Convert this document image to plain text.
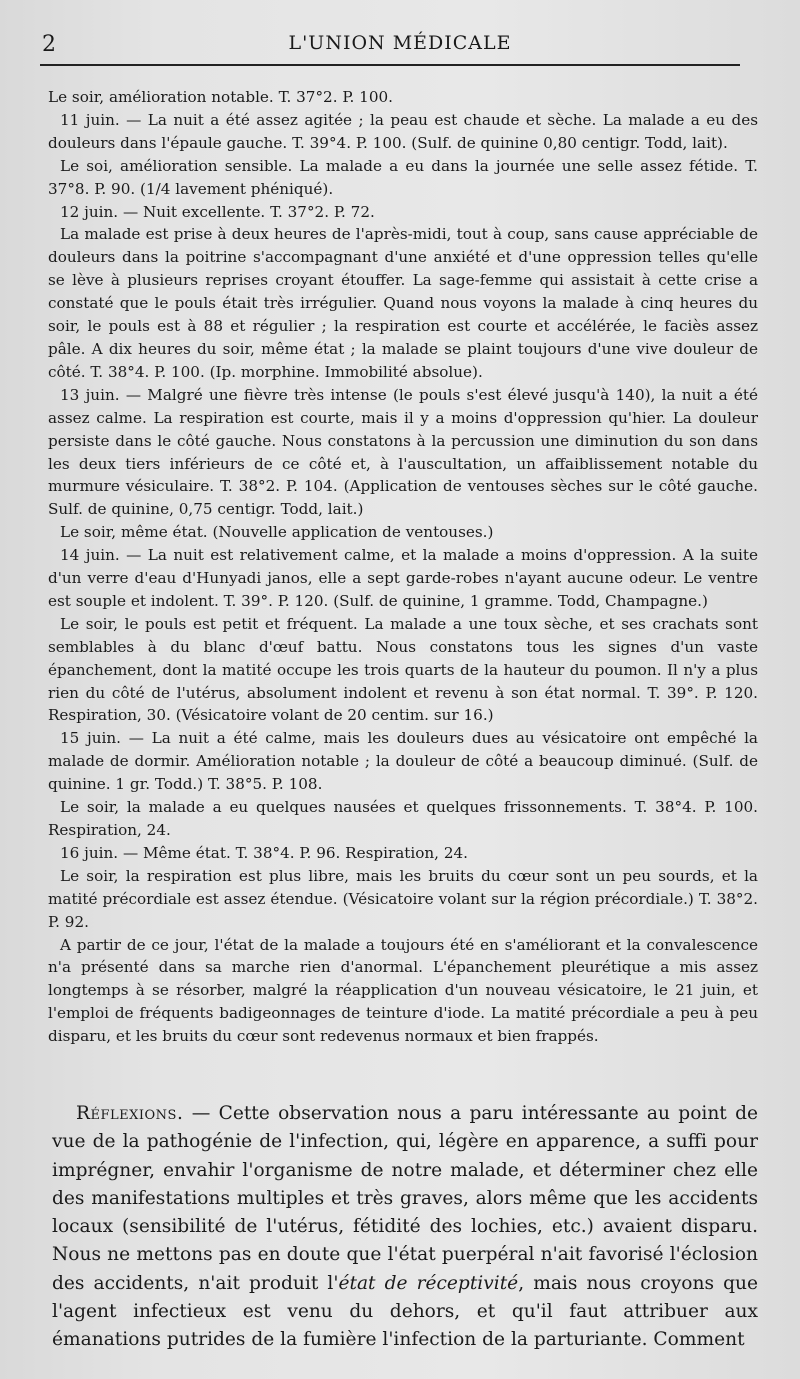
2	L'UNION MÉDICALE

Le soir, amélioration notable. T. 37°2. P. 100.

11 juin. — La nuit a été assez agitée ; la peau est chaude et sèche. La malade a eu des douleurs dans l'épaule gauche. T. 39°4. P. 100. (Sulf. de quinine 0,80 centigr. Todd, lait).

Le soi, amélioration sensible. La malade a eu dans la journée une selle assez fétide. T. 37°8. P. 90. (1/4 lavement phéniqué).

12 juin. — Nuit excellente. T. 37°2. P. 72.

La malade est prise à deux heures de l'après-midi, tout à coup, sans cause appréciable de douleurs dans la poitrine s'accompagnant d'une anxiété et d'une oppression telles qu'elle se lève à plusieurs reprises croyant étouffer. La sage-femme qui assistait à cette crise a constaté que le pouls était très irrégulier. Quand nous voyons la malade à cinq heures du soir, le pouls est à 88 et régulier ; la respiration est courte et accélérée, le faciès assez pâle. A dix heures du soir, même état ; la malade se plaint toujours d'une vive douleur de côté. T. 38°4. P. 100. (Ip. morphine. Immobilité absolue).

13 juin. — Malgré une fièvre très intense (le pouls s'est élevé jusqu'à 140), la nuit a été assez calme. La respiration est courte, mais il y a moins d'oppression qu'hier. La douleur persiste dans le côté gauche. Nous constatons à la percussion une diminution du son dans les deux tiers inférieurs de ce côté et, à l'auscultation, un affaiblissement notable du murmure vésiculaire. T. 38°2. P. 104. (Application de ventouses sèches sur le côté gauche. Sulf. de quinine, 0,75 centigr. Todd, lait.)

Le soir, même état. (Nouvelle application de ventouses.)

14 juin. — La nuit est relativement calme, et la malade a moins d'oppression. A la suite d'un verre d'eau d'Hunyadi janos, elle a sept garde-robes n'ayant aucune odeur. Le ventre est souple et indolent. T. 39°. P. 120. (Sulf. de quinine, 1 gramme. Todd, Champagne.)

Le soir, le pouls est petit et fréquent. La malade a une toux sèche, et ses crachats sont semblables à du blanc d'œuf battu. Nous constatons tous les signes d'un vaste épanchement, dont la matité occupe les trois quarts de la hauteur du poumon. Il n'y a plus rien du côté de l'utérus, absolument indolent et revenu à son état normal. T. 39°. P. 120. Respiration, 30. (Vésicatoire volant de 20 centim. sur 16.)

15 juin. — La nuit a été calme, mais les douleurs dues au vésicatoire ont empêché la malade de dormir. Amélioration notable ; la douleur de côté a beaucoup diminué. (Sulf. de quinine. 1 gr. Todd.) T. 38°5. P. 108.

Le soir, la malade a eu quelques nausées et quelques frissonnements. T. 38°4. P. 100. Respiration, 24.

16 juin. — Même état. T. 38°4. P. 96. Respiration, 24.

Le soir, la respiration est plus libre, mais les bruits du cœur sont un peu sourds, et la matité précordiale est assez étendue. (Vésicatoire volant sur la région précordiale.) T. 38°2. P. 92.

A partir de ce jour, l'état de la malade a toujours été en s'améliorant et la convalescence n'a présenté dans sa marche rien d'anormal. L'épanchement pleurétique a mis assez longtemps à se résorber, malgré la réapplication d'un nouveau vésicatoire, le 21 juin, et l'emploi de fréquents badigeonnages de teinture d'iode. La matité précordiale a peu à peu disparu, et les bruits du cœur sont redevenus normaux et bien frappés.

Réflexions. — Cette observation nous a paru intéressante au point de vue de la pathogénie de l'infection, qui, légère en apparence, a suffi pour imprégner, envahir l'organisme de notre malade, et déterminer chez elle des manifestations multiples et très graves, alors même que les accidents locaux (sensibilité de l'utérus, fétidité des lochies, etc.) avaient disparu. Nous ne mettons pas en doute que l'état puerpéral n'ait favorisé l'éclosion des accidents, n'ait produit l'état de réceptivité, mais nous croyons que l'agent infectieux est venu du dehors, et qu'il faut attribuer aux émanations putrides de la fumière l'infection de la parturiante. Comment
